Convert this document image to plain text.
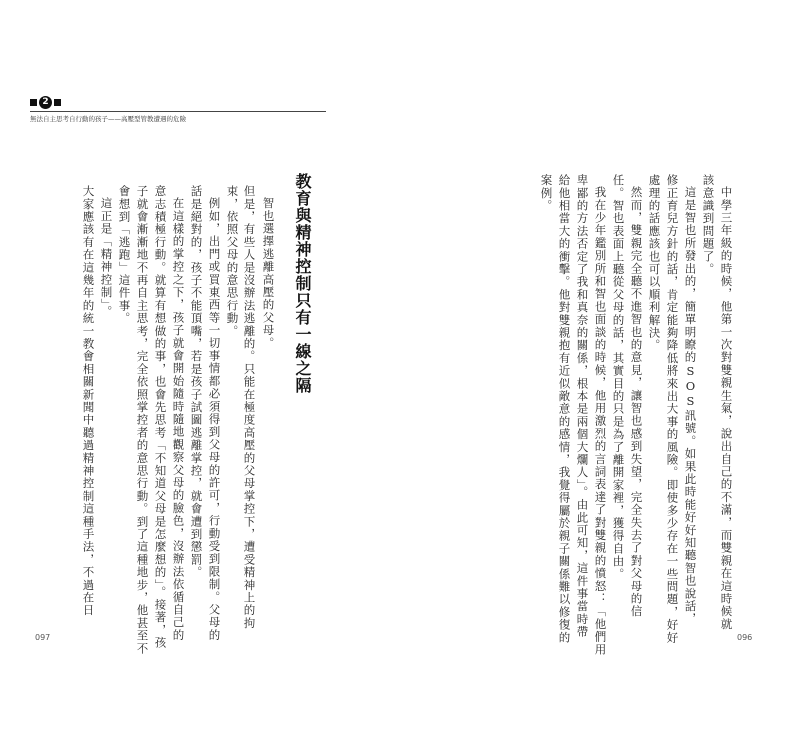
2
無法自主思考自行動的孩子——高壓型管教遭遇的危險
教育與精神控制只有一線之隔
智也選擇逃離高壓的父母。
但是，有些人是沒辦法逃離的。只能在極度高壓的父母掌控下，遭受精神上的拘
束，依照父母的意思行動。
例如，出門或買東西等一切事情都必須得到父母的許可，行動受到限制。父母的
話是絕對的，孩子不能頂嘴，若是孩子試圖逃離掌控，就會遭到懲罰。
在這樣的掌控之下，孩子就會開始隨時隨地觀察父母的臉色，沒辦法依循自己的
意志積極行動。就算有想做的事，也會先思考「不知道父母是怎麼想的」。接著，孩
子就會漸漸地不再自主思考，完全依照掌控者的意思行動。到了這種地步，他甚至不
會想到「逃跑」這件事。
這正是「精神控制」。
大家應該有在這幾年的統一教會相關新聞中聽過精神控制這種手法，不過在日
097
中學三年級的時候，他第一次對雙親生氣，說出自己的不滿，而雙親在這時候就
該意識到問題了。
這是智也所發出的，簡單明瞭的SOS訊號。如果此時能好好知聽智也說話，
修正育兒方針的話，肯定能夠降低將來出大事的風險。即使多少存在一些問題，好好
處理的話應該也可以順利解決。
然而，雙親完全聽不進智也的意見，讓智也感到失望，完全失去了對父母的信
任。智也表面上聽從父母的話，其實目的只是為了離開家裡，獲得自由。
我在少年鑑別所和智也面談的時候，他用激烈的言詞表達了對雙親的憤怒：「他們用
卑鄙的方法否定了我和真奈的關係，根本是兩個大爛人」。由此可知，這件事當時帶
給他相當大的衝擊。他對雙親抱有近似敵意的感情，我覺得屬於親子關係難以修復的
案例。
096
